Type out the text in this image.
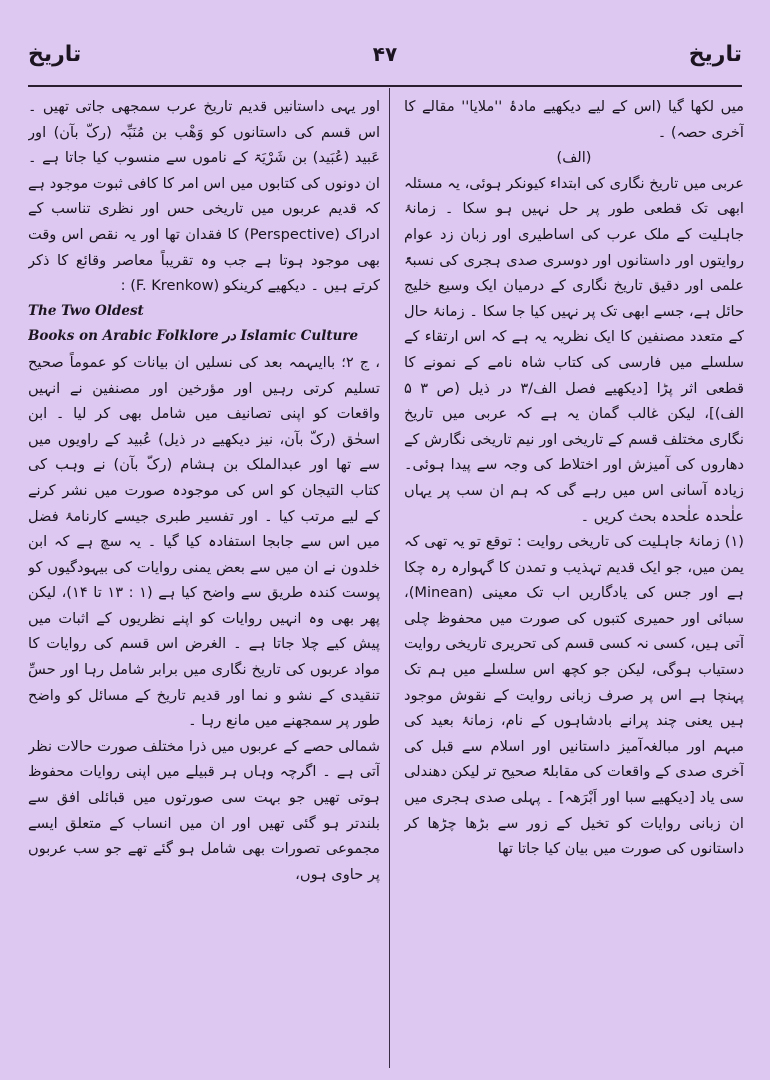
تاریخ	۴۷	تاریخ

میں لکھا گیا (اس کے لیے دیکھیے مادۂ ''ملایا'' مقالے کا آخری حصہ) ۔

(الف)

عربی میں تاریخ نگاری کی ابتداء کیونکر ہوئی، یہ مسئلہ ابھی تک قطعی طور پر حل نہیں ہو سکا ۔ زمانۂ جاہلیت کے ملک عرب کی اساطیری اور زبان زد عوام روایتوں اور داستانوں اور دوسری صدی ہجری کی نسبۃً علمی اور دقیق تاریخ نگاری کے درمیان ایک وسیع خلیج حائل ہے، جسے ابھی تک پر نہیں کیا جا سکا ۔ زمانۂ حال کے متعدد مصنفین کا ایک نظریہ یہ ہے کہ اس ارتقاء کے سلسلے میں فارسی کی کتاب شاہ نامے کے نمونے کا قطعی اثر پڑا [دیکھیے فصل الف/۳ در ذیل (ص ۳ ۵ الف)]، لیکن غالب گمان یہ ہے کہ عربی میں تاریخ نگاری مختلف قسم کے تاریخی اور نیم تاریخی نگارش کے دھاروں کی آمیزش اور اختلاط کی وجہ سے پیدا ہوئی۔ زیادہ آسانی اس میں رہے گی کہ ہم ان سب پر یہاں علٰحدہ علٰحدہ بحث کریں ۔

(۱) زمانۂ جاہلیت کی تاریخی روایت : توقع تو یہ تھی کہ یمن میں، جو ایک قدیم تہذیب و تمدن کا گہوارہ رہ چکا ہے اور جس کی یادگاریں اب تک معینی (Minean)، سبائی اور حمیری کتبوں کی صورت میں محفوظ چلی آتی ہیں، کسی نہ کسی قسم کی تحریری تاریخی روایت دستیاب ہوگی، لیکن جو کچھ اس سلسلے میں ہم تک پہنچا ہے اس پر صرف زبانی روایت کے نقوش موجود ہیں یعنی چند پرانے بادشاہوں کے نام، زمانۂ بعید کی مبہم اور مبالغہ‌آمیز داستانیں اور اسلام سے قبل کی آخری صدی کے واقعات کی مقابلۃً صحیح تر لیکن دھندلی سی یاد [دیکھیے سبا اور اَبْرَھہ] ۔ پہلی صدی ہجری میں ان زبانی روایات کو تخیل کے زور سے بڑھا چڑھا کر داستانوں کی صورت میں بیان کیا جاتا تھا

اور یہی داستانیں قدیم تاریخ عرب سمجھی جاتی تھیں ۔ اس قسم کی داستانوں کو وَھْب بن مُنَبِّہ (رکّ بآن) اور عَبید (عُبَید) بن شَرْیَۃ کے ناموں سے منسوب کیا جاتا ہے ۔ ان دونوں کی کتابوں میں اس امر کا کافی ثبوت موجود ہے کہ قدیم عربوں میں تاریخی حس اور نظری تناسب کے ادراک (Perspective) کا فقدان تھا اور یہ نقص اس وقت بھی موجود ہوتا ہے جب وہ تقریباً معاصر وقائع کا ذکر کرتے ہیں ۔ دیکھیے کرینکو (F. Krenkow) :

The Two Oldest

Books on Arabic Folklore در Islamic Culture

، ج ۲؛ باایںہمہ بعد کی نسلیں ان بیانات کو عموماً صحیح تسلیم کرتی رہیں اور مؤرخین اور مصنفین نے انہیں واقعات کو اپنی تصانیف میں شامل بھی کر لیا ۔ ابن اسحٰق (رکّ بآن، نیز دیکھیے در ذیل) عُبید کے راویوں میں سے تھا اور عبدالملک بن ہشام (رکّ بآن) نے وہب کی کتاب التیجان کو اس کی موجودہ صورت میں نشر کرنے کے لیے مرتب کیا ۔ اور تفسیر طبری جیسے کارنامۂ فضل میں اس سے جابجا استفادہ کیا گیا ۔ یہ سچ ہے کہ ابن خلدون نے ان میں سے بعض یمنی روایات کی بیہودگیوں کو پوست کندہ طریق سے واضح کیا ہے (۱ : ۱۳ تا ۱۴)، لیکن پھر بھی وہ انہیں روایات کو اپنے نظریوں کے اثبات میں پیش کیے چلا جاتا ہے ۔ الغرض اس قسم کی روایات کا مواد عربوں کی تاریخ نگاری میں برابر شامل رہا اور حسِّ تنقیدی کے نشو و نما اور قدیم تاریخ کے مسائل کو واضح طور پر سمجھنے میں مانع رہا ۔

شمالی حصے کے عربوں میں ذرا مختلف صورت حالات نظر آتی ہے ۔ اگرچہ وہاں ہر قبیلے میں اپنی روایات محفوظ ہوتی تھیں جو بہت سی صورتوں میں قبائلی افق سے بلندتر ہو گئی تھیں اور ان میں انساب کے متعلق ایسے مجموعی تصورات بھی شامل ہو گئے تھے جو سب عربوں پر حاوی ہوں،
